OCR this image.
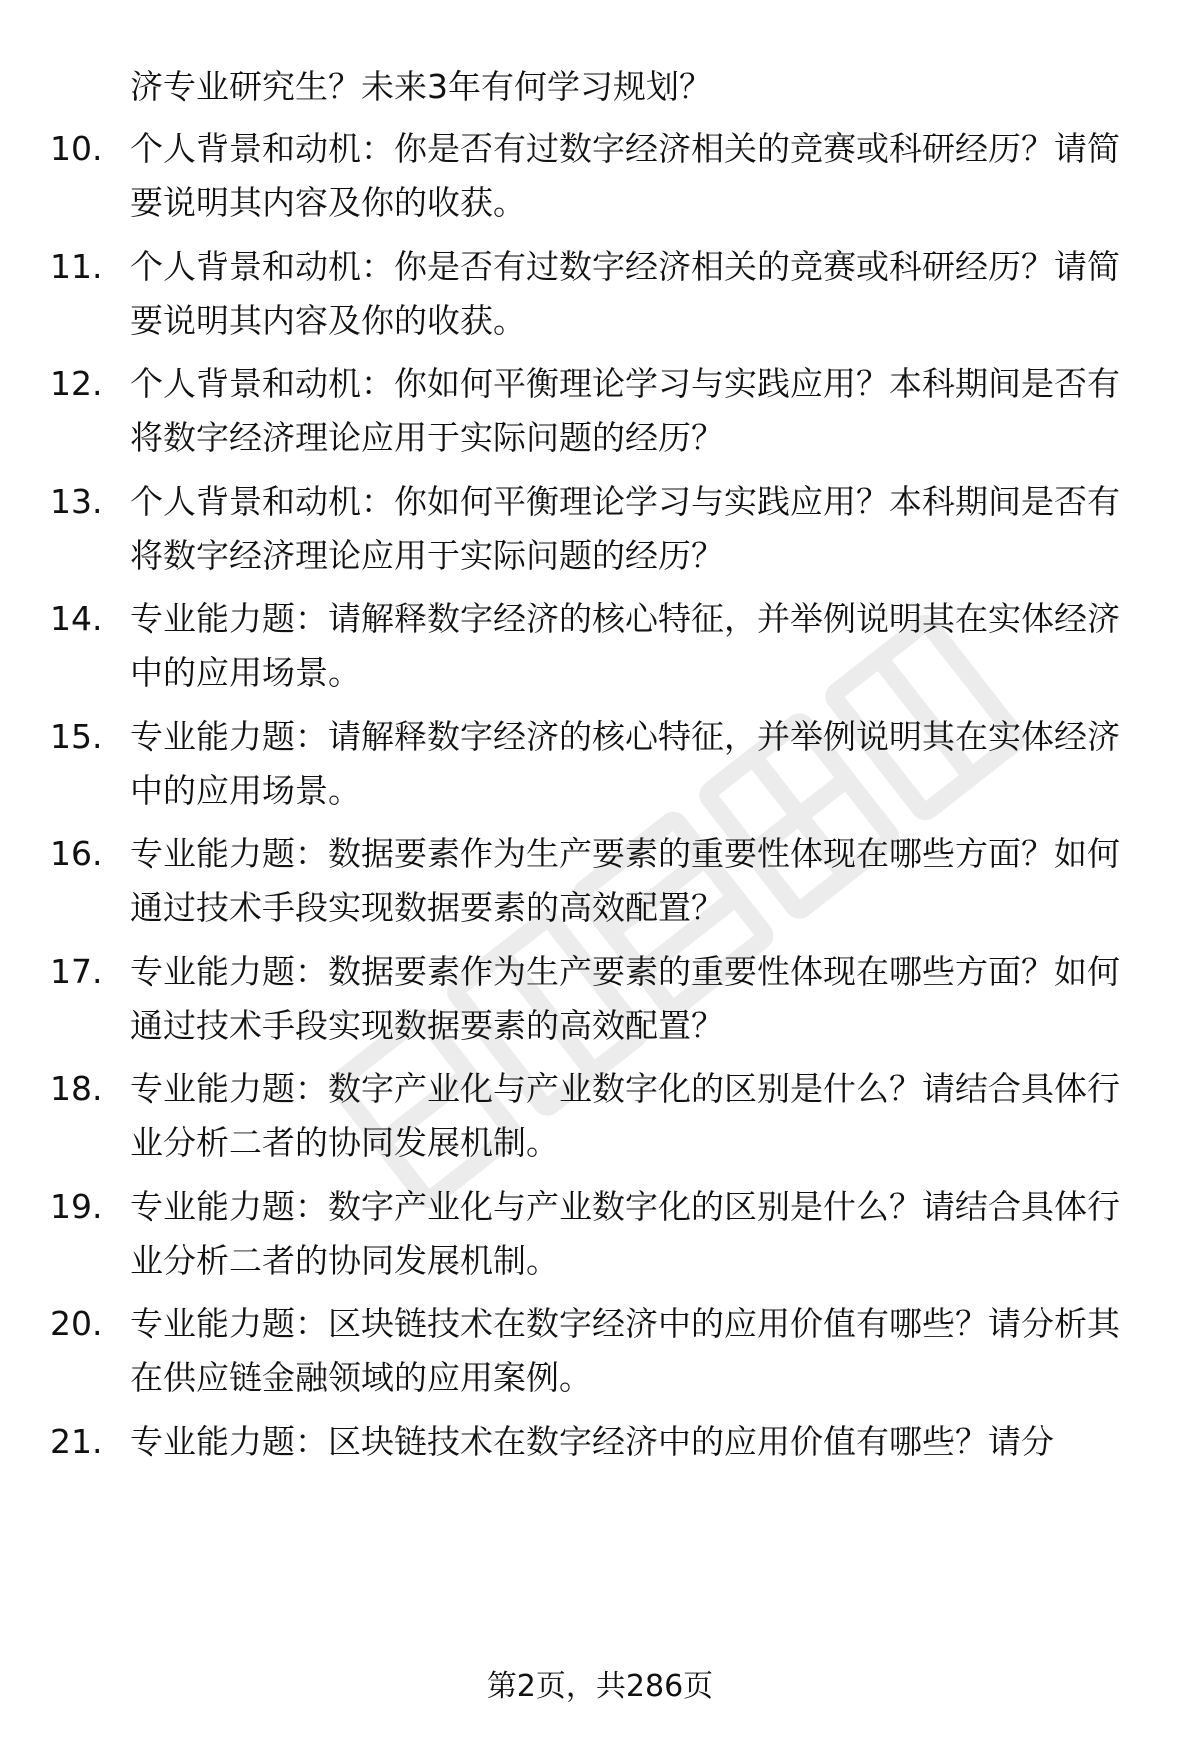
济专业研究生？未来3年有何学习规划？
10. 个人背景和动机：你是否有过数字经济相关的竞赛或科研经历？请简要说明其内容及你的收获。
11. 个人背景和动机：你是否有过数字经济相关的竞赛或科研经历？请简要说明其内容及你的收获。
12. 个人背景和动机：你如何平衡理论学习与实践应用？本科期间是否有将数字经济理论应用于实际问题的经历？
13. 个人背景和动机：你如何平衡理论学习与实践应用？本科期间是否有将数字经济理论应用于实际问题的经历？
14. 专业能力题：请解释数字经济的核心特征，并举例说明其在实体经济中的应用场景。
15. 专业能力题：请解释数字经济的核心特征，并举例说明其在实体经济中的应用场景。
16. 专业能力题：数据要素作为生产要素的重要性体现在哪些方面？如何通过技术手段实现数据要素的高效配置？
17. 专业能力题：数据要素作为生产要素的重要性体现在哪些方面？如何通过技术手段实现数据要素的高效配置？
18. 专业能力题：数字产业化与产业数字化的区别是什么？请结合具体行业分析二者的协同发展机制。
19. 专业能力题：数字产业化与产业数字化的区别是什么？请结合具体行业分析二者的协同发展机制。
20. 专业能力题：区块链技术在数字经济中的应用价值有哪些？请分析其在供应链金融领域的应用案例。
21. 专业能力题：区块链技术在数字经济中的应用价值有哪些？请分
第2页，共286页
